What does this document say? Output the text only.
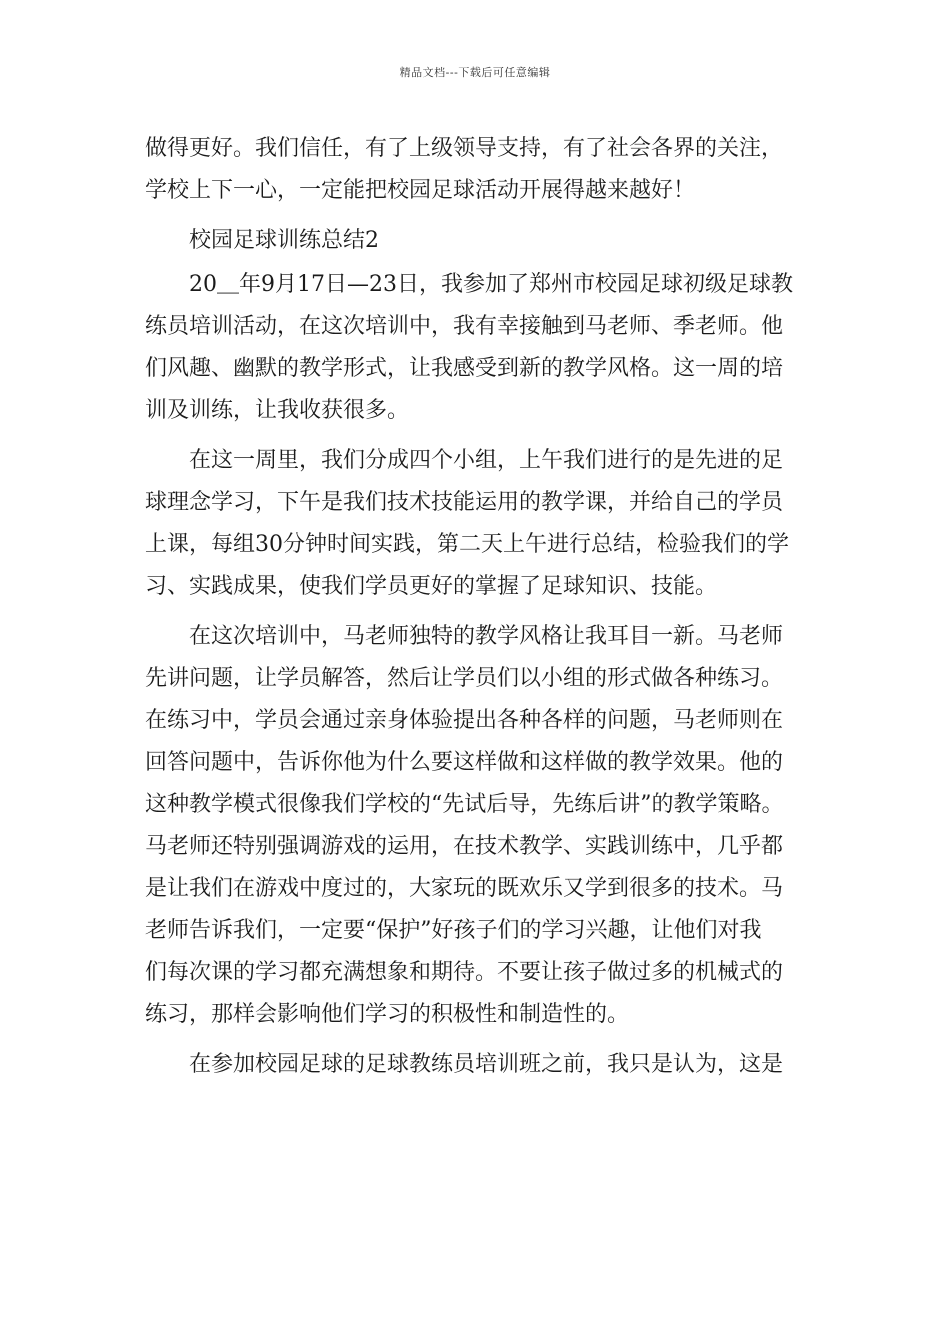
精品文档---下载后可任意编辑

做得更好。我们信任，有了上级领导支持，有了社会各界的关注，

学校上下一心，一定能把校园足球活动开展得越来越好！

校园足球训练总结2

20＿年9月17日—23日，我参加了郑州市校园足球初级足球教

练员培训活动，在这次培训中，我有幸接触到马老师、季老师。他

们风趣、幽默的教学形式，让我感受到新的教学风格。这一周的培

训及训练，让我收获很多。

在这一周里，我们分成四个小组，上午我们进行的是先进的足

球理念学习，下午是我们技术技能运用的教学课，并给自己的学员

上课，每组30分钟时间实践，第二天上午进行总结，检验我们的学

习、实践成果，使我们学员更好的掌握了足球知识、技能。

在这次培训中，马老师独特的教学风格让我耳目一新。马老师

先讲问题，让学员解答，然后让学员们以小组的形式做各种练习。

在练习中，学员会通过亲身体验提出各种各样的问题，马老师则在

回答问题中，告诉你他为什么要这样做和这样做的教学效果。他的

这种教学模式很像我们学校的“先试后导，先练后讲”的教学策略。

马老师还特别强调游戏的运用，在技术教学、实践训练中，几乎都

是让我们在游戏中度过的，大家玩的既欢乐又学到很多的技术。马

老师告诉我们，一定要“保护”好孩子们的学习兴趣，让他们对我

们每次课的学习都充满想象和期待。不要让孩子做过多的机械式的

练习，那样会影响他们学习的积极性和制造性的。

在参加校园足球的足球教练员培训班之前，我只是认为，这是
